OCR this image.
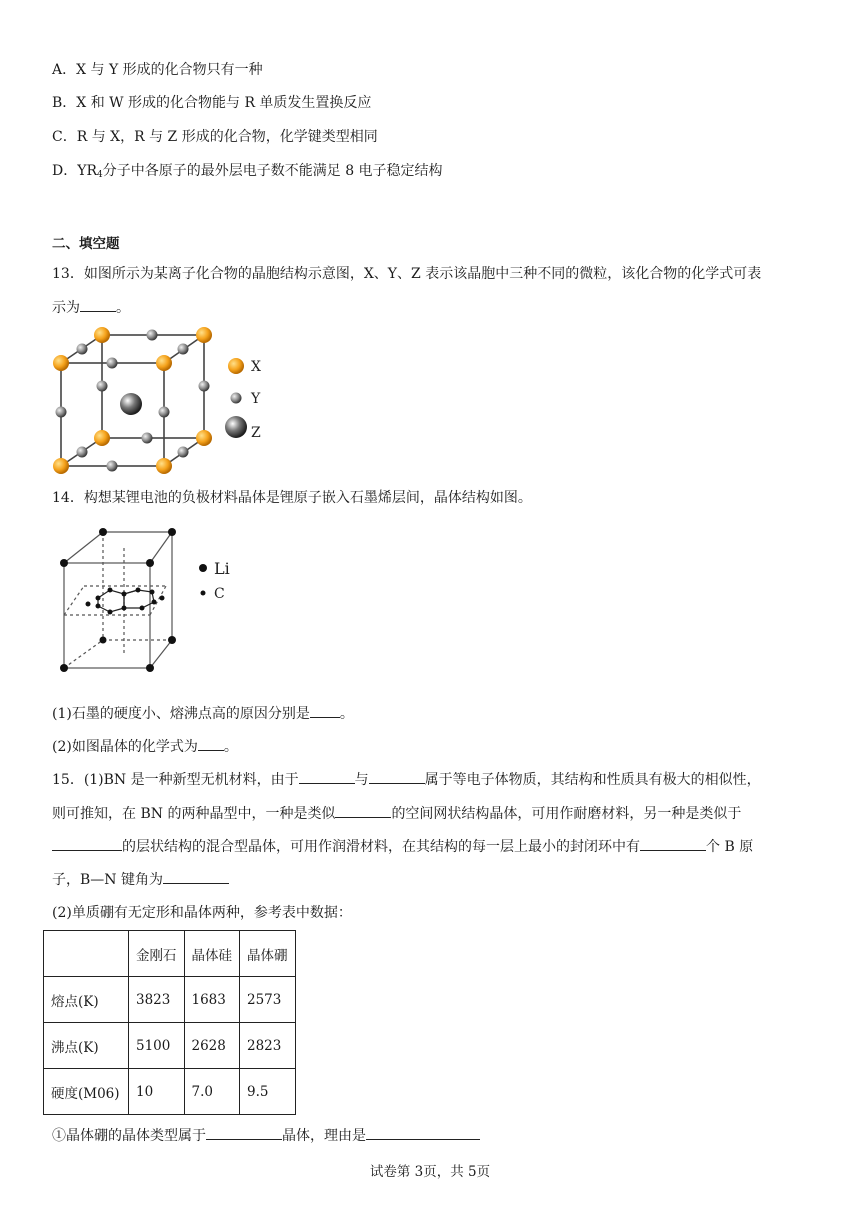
A．X 与 Y 形成的化合物只有一种
B．X 和 W 形成的化合物能与 R 单质发生置换反应
C．R 与 X，R 与 Z 形成的化合物，化学键类型相同
D．$YR_4$分子中各原子的最外层电子数不能满足 8 电子稳定结构
二、填空题
13．如图所示为某离子化合物的晶胞结构示意图，X、Y、Z 表示该晶胞中三种不同的微粒，该化合物的化学式可表
示为	。
X
Y
Z
14．构想某锂电池的负极材料晶体是锂原子嵌入石墨烯层间，晶体结构如图。
Li
C
(1)石墨的硬度小、熔沸点高的原因分别是 。
(2)如图晶体的化学式为 。
15．(1)BN 是一种新型无机材料，由于	与	属于等电子体物质，其结构和性质具有极大的相似性，
则可推知，在 BN 的两种晶型中，一种是类似	的空间网状结构晶体，可用作耐磨材料，另一种是类似于
的层状结构的混合型晶体，可用作润滑材料，在其结构的每一层上最小的封闭环中有	个 B 原
子，B—N 键角为
(2)单质硼有无定形和晶体两种，参考表中数据：
	金刚石	晶体硅	晶体硼
熔点(K)	3823	1683	2573
沸点(K)	5100	2628	2823
硬度(M06)	10	7.0	9.5
①晶体硼的晶体类型属于	晶体，理由是
试卷第 3页，共 5页
